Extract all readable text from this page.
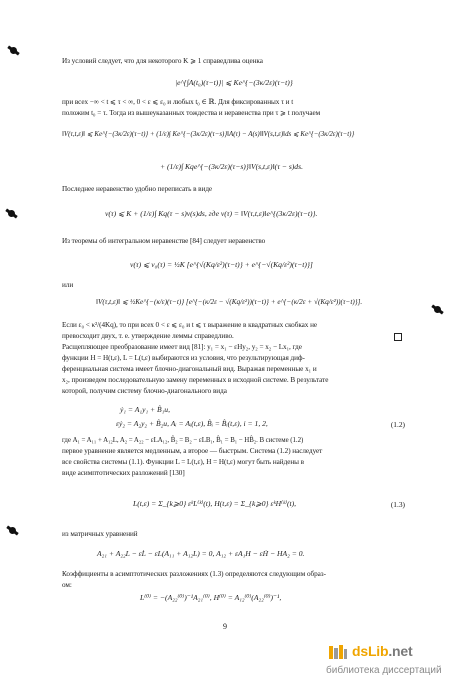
Из условий следует, что для некоторого K ⩾ 1 справедлива оценка
|e^{∫A(t₀)(τ−t)}| ⩽ Ke^{−(3κ/2ε)(τ−t)}
при всех −∞ < t ⩽ τ < ∞, 0 < ε ⩽ ε₀ и любых t₀ ∈ ℝ. Для фиксированных τ и t
положим t₀ = τ. Тогда из вышеуказанных тождества и неравенства при τ ⩾ t получаем
‖V(τ,t,ε)‖ ⩽ Ke^{−(3κ/2ε)(τ−t)} + (1/ε)∫ Ke^{−(3κ/2ε)(τ−s)}‖A(τ) − A(s)‖‖V(s,t,ε)‖ds ⩽ Ke^{−(3κ/2ε)(τ−t)}
+ (1/ε)∫ Kqe^{−(3κ/2ε)(τ−s)}‖V(s,t,ε)‖(τ − s)ds.
Последнее неравенство удобно переписать в виде
ν(τ) ⩽ K + (1/ε)∫ Kq(τ − s)ν(s)ds, где ν(τ) = ‖V(τ,t,ε)‖e^{(3κ/2ε)(τ−t)}.
Из теоремы об интегральном неравенстве [84] следует неравенство
ν(τ) ⩽ ν₀(τ) = ½K [e^{√(Kq/ε²)(τ−t)} + e^{−√(Kq/ε²)(τ−t)}]
или
‖V(τ,t,ε)‖ ⩽ ½Ke^{−(κ/ε)(τ−t)} [e^{−(κ/2ε − √(Kq/ε²))(τ−t)} + e^{−(κ/2ε + √(Kq/ε²))(τ−t)}].
Если ε₀ < κ²/(4Kq), то при всех 0 < ε ⩽ ε₀ и t ⩽ τ выражение в квадратных скобках не
превосходит двух, т. е. утверждение леммы справедливо.
Расщепляющее преобразование имеет вид [81]: y₁ = x₁ − εHy₂, y₂ = x₂ − Lx₁, где
функции H = H(t,ε), L = L(t,ε) выбираются из условия, что результирующая диф-
ференциальная система имеет блочно-диагональный вид. Выражая переменные x₁ и
x₂, произведем последовательную замену переменных в исходной системе. В результате
которой, получим систему блочно-диагонального вида
ẏ₁ = A₁y₁ + B̂₁u,
εẏ₂ = A₂y₂ + B̂₂u, Aᵢ = Aᵢ(t,ε), B̂ᵢ = B̂ᵢ(t,ε), i = 1, 2,	(1.2)
где A₁ = A₁₁ + A₁₂L, A₂ = A₂₂ − εLA₁₂, B̂₂ = B₂ − εLB₁, B̂₁ = B₁ − HB̂₂. В системе (1.2)
первое уравнение является медленным, а второе — быстрым. Система (1.2) наследует
все свойства системы (1.1). Функции L = L(t,ε), H = H(t,ε) могут быть найдены в
виде асимптотических разложений [130]
L(t,ε) = Σ_{k⩾0} εᵏL⁽ᵏ⁾(t), H(t,ε) = Σ_{k⩾0} εᵏH⁽ᵏ⁾(t),	(1.3)
из матричных уравнений
A₂₁ + A₂₂L − εL̇ − εL(A₁₁ + A₁₂L) = 0, A₁₂ + εA₁H − εḢ − HA₂ = 0.
Коэффициенты в асимптотических разложениях (1.3) определяются следующим образ-
ом:
L⁽⁰⁾ = −(A₂₂⁽⁰⁾)⁻¹A₂₁⁽⁰⁾, H⁽⁰⁾ = A₁₂⁽⁰⁾(A₂₂⁽⁰⁾)⁻¹,
9
dsLib.net
библиотека диссертаций
